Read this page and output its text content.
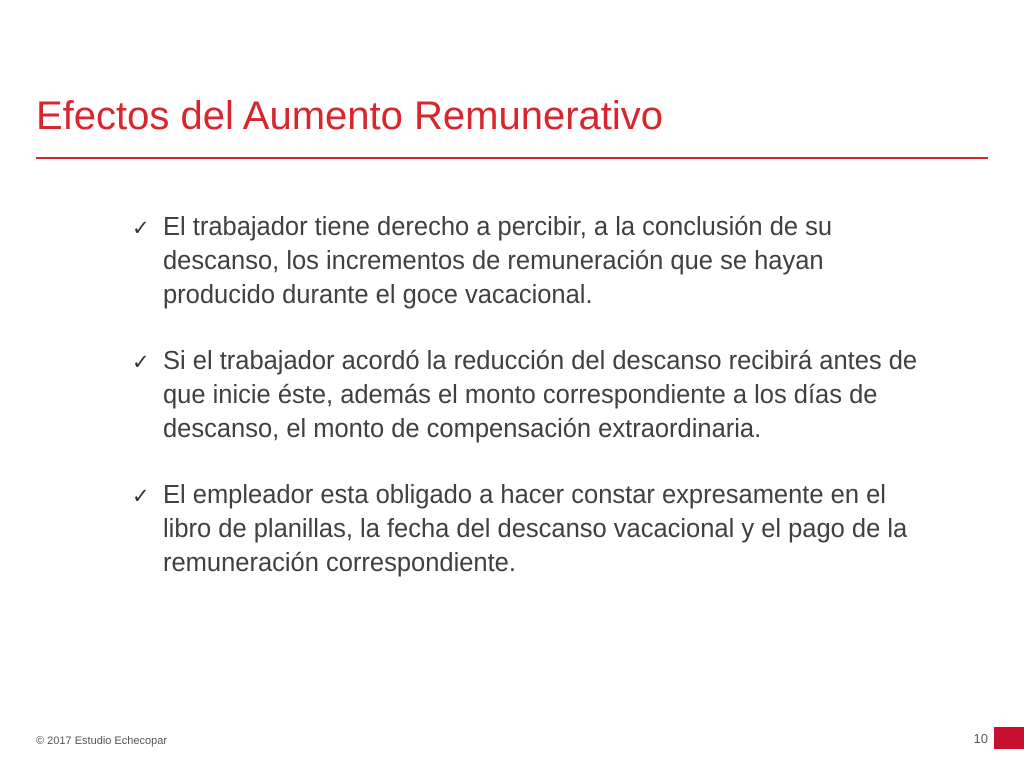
Efectos del Aumento Remunerativo
✓ El trabajador tiene derecho a percibir, a la conclusión de su descanso, los incrementos de remuneración que se hayan producido durante el goce vacacional.
✓ Si el trabajador acordó la reducción del descanso recibirá antes de que inicie éste, además el monto correspondiente a los días de descanso, el monto de compensación extraordinaria.
✓ El empleador esta obligado a hacer constar expresamente en el libro de planillas, la fecha del descanso vacacional y el pago de la remuneración correspondiente.
© 2017 Estudio Echecopar	10
